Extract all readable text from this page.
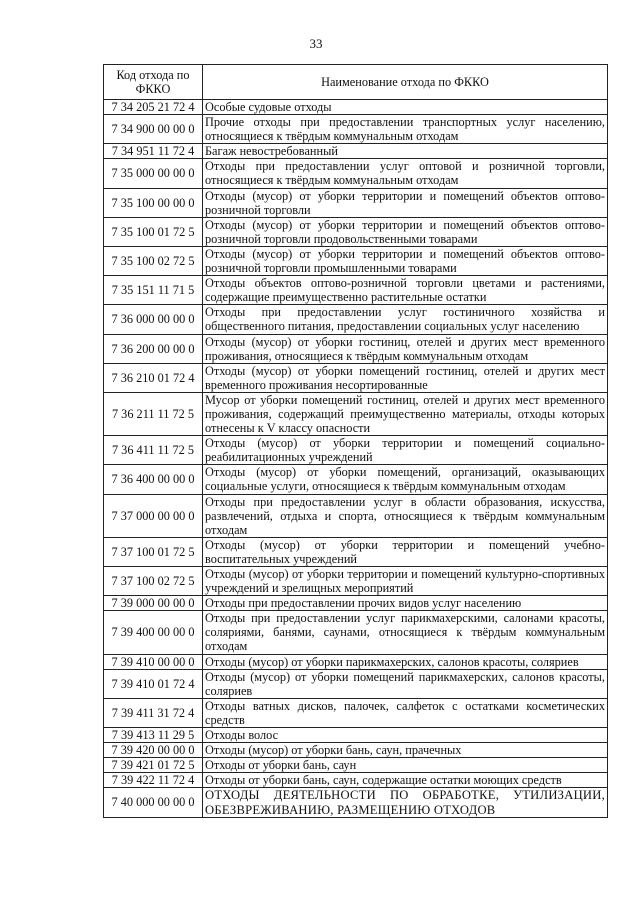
33
Код отхода по ФККО	Наименование отхода по ФККО
7 34 205 21 72 4	Особые судовые отходы
7 34 900 00 00 0	Прочие отходы при предоставлении транспортных услуг населению, относящиеся к твёрдым коммунальным отходам
7 34 951 11 72 4	Багаж невостребованный
7 35 000 00 00 0	Отходы при предоставлении услуг оптовой и розничной торговли, относящиеся к твёрдым коммунальным отходам
7 35 100 00 00 0	Отходы (мусор) от уборки территории и помещений объектов оптово-розничной торговли
7 35 100 01 72 5	Отходы (мусор) от уборки территории и помещений объектов оптово-розничной торговли продовольственными товарами
7 35 100 02 72 5	Отходы (мусор) от уборки территории и помещений объектов оптово-розничной торговли промышленными товарами
7 35 151 11 71 5	Отходы объектов оптово-розничной торговли цветами и растениями, содержащие преимущественно растительные остатки
7 36 000 00 00 0	Отходы при предоставлении услуг гостиничного хозяйства и общественного питания, предоставлении социальных услуг населению
7 36 200 00 00 0	Отходы (мусор) от уборки гостиниц, отелей и других мест временного проживания, относящиеся к твёрдым коммунальным отходам
7 36 210 01 72 4	Отходы (мусор) от уборки помещений гостиниц, отелей и других мест временного проживания несортированные
7 36 211 11 72 5	Мусор от уборки помещений гостиниц, отелей и других мест временного проживания, содержащий преимущественно материалы, отходы которых отнесены к V классу опасности
7 36 411 11 72 5	Отходы (мусор) от уборки территории и помещений социально-реабилитационных учреждений
7 36 400 00 00 0	Отходы (мусор) от уборки помещений, организаций, оказывающих социальные услуги, относящиеся к твёрдым коммунальным отходам
7 37 000 00 00 0	Отходы при предоставлении услуг в области образования, искусства, развлечений, отдыха и спорта, относящиеся к твёрдым коммунальным отходам
7 37 100 01 72 5	Отходы (мусор) от уборки территории и помещений учебно-воспитательных учреждений
7 37 100 02 72 5	Отходы (мусор) от уборки территории и помещений культурно-спортивных учреждений и зрелищных мероприятий
7 39 000 00 00 0	Отходы при предоставлении прочих видов услуг населению
7 39 400 00 00 0	Отходы при предоставлении услуг парикмахерскими, салонами красоты, соляриями, банями, саунами, относящиеся к твёрдым коммунальным отходам
7 39 410 00 00 0	Отходы (мусор) от уборки парикмахерских, салонов красоты, соляриев
7 39 410 01 72 4	Отходы (мусор) от уборки помещений парикмахерских, салонов красоты, соляриев
7 39 411 31 72 4	Отходы ватных дисков, палочек, салфеток с остатками косметических средств
7 39 413 11 29 5	Отходы волос
7 39 420 00 00 0	Отходы (мусор) от уборки бань, саун, прачечных
7 39 421 01 72 5	Отходы от уборки бань, саун
7 39 422 11 72 4	Отходы от уборки бань, саун, содержащие остатки моющих средств
7 40 000 00 00 0	ОТХОДЫ ДЕЯТЕЛЬНОСТИ ПО ОБРАБОТКЕ, УТИЛИЗАЦИИ, ОБЕЗВРЕЖИВАНИЮ, РАЗМЕЩЕНИЮ ОТХОДОВ
